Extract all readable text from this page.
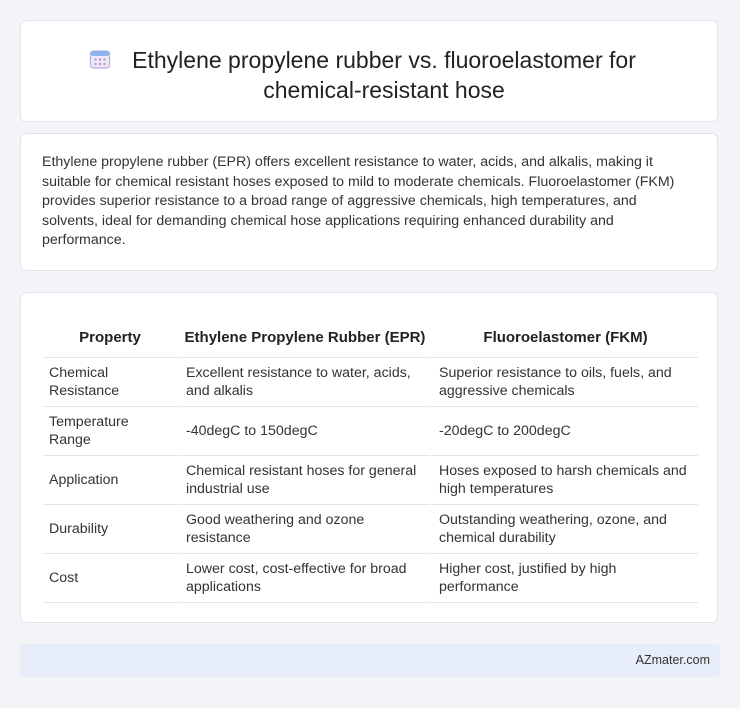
Ethylene propylene rubber vs. fluoroelastomer for chemical-resistant hose

Ethylene propylene rubber (EPR) offers excellent resistance to water, acids, and alkalis, making it suitable for chemical resistant hoses exposed to mild to moderate chemicals. Fluoroelastomer (FKM) provides superior resistance to a broad range of aggressive chemicals, high temperatures, and solvents, ideal for demanding chemical hose applications requiring enhanced durability and performance.

Property	Ethylene Propylene Rubber (EPR)	Fluoroelastomer (FKM)
Chemical Resistance	Excellent resistance to water, acids, and alkalis	Superior resistance to oils, fuels, and aggressive chemicals
Temperature Range	-40degC to 150degC	-20degC to 200degC
Application	Chemical resistant hoses for general industrial use	Hoses exposed to harsh chemicals and high temperatures
Durability	Good weathering and ozone resistance	Outstanding weathering, ozone, and chemical durability
Cost	Lower cost, cost-effective for broad applications	Higher cost, justified by high performance
AZmater.com
